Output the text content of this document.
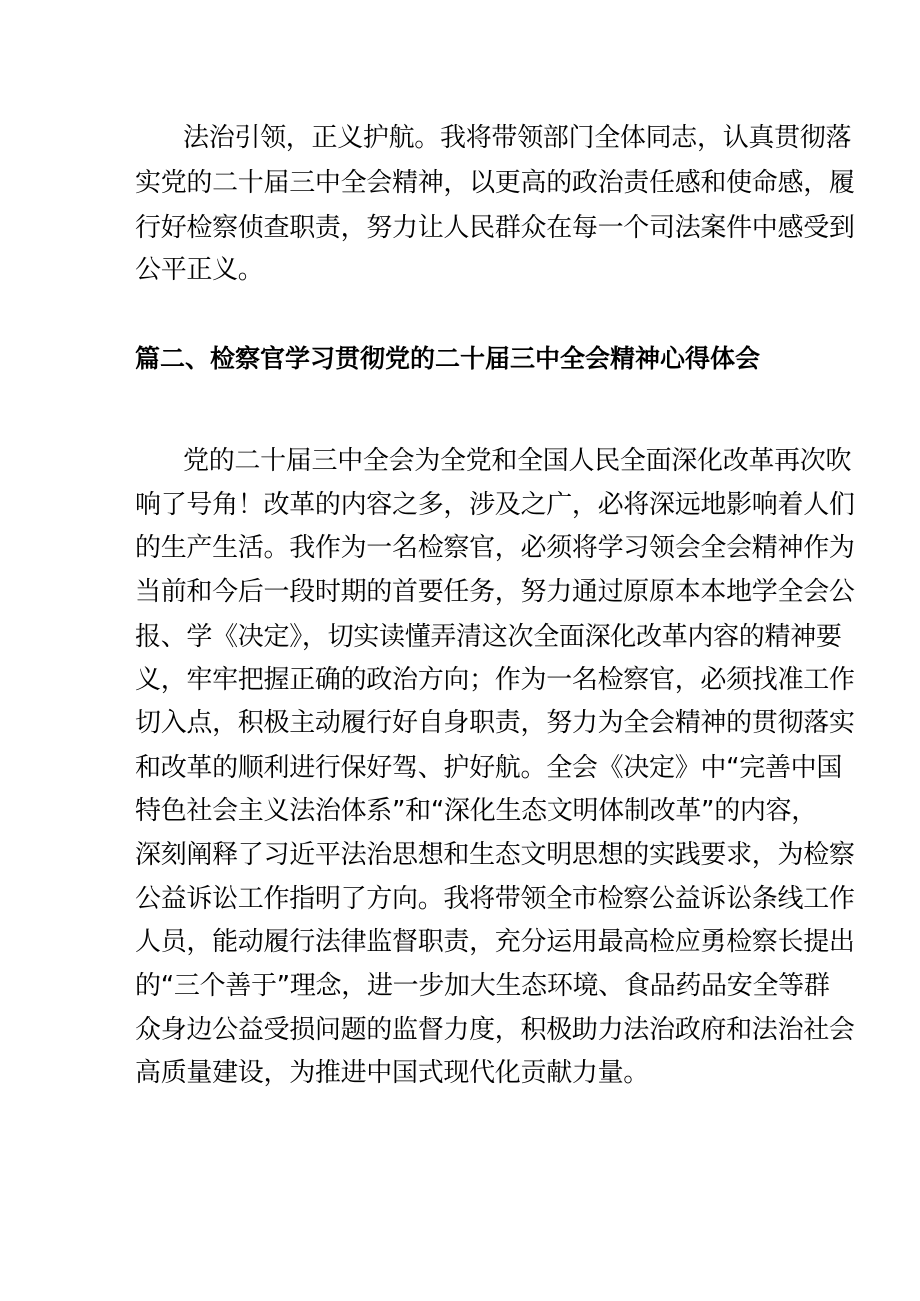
法治引领，正义护航。我将带领部门全体同志，认真贯彻落
实党的二十届三中全会精神，以更高的政治责任感和使命感，履
行好检察侦查职责，努力让人民群众在每一个司法案件中感受到
公平正义。
篇二、检察官学习贯彻党的二十届三中全会精神心得体会
党的二十届三中全会为全党和全国人民全面深化改革再次吹
响了号角！改革的内容之多，涉及之广，必将深远地影响着人们
的生产生活。我作为一名检察官，必须将学习领会全会精神作为
当前和今后一段时期的首要任务，努力通过原原本本地学全会公
报、学《决定》，切实读懂弄清这次全面深化改革内容的精神要
义，牢牢把握正确的政治方向；作为一名检察官，必须找准工作
切入点，积极主动履行好自身职责，努力为全会精神的贯彻落实
和改革的顺利进行保好驾、护好航。全会《决定》中“完善中国
特色社会主义法治体系”和“深化生态文明体制改革”的内容，
深刻阐释了习近平法治思想和生态文明思想的实践要求，为检察
公益诉讼工作指明了方向。我将带领全市检察公益诉讼条线工作
人员，能动履行法律监督职责，充分运用最高检应勇检察长提出
的“三个善于”理念，进一步加大生态环境、食品药品安全等群
众身边公益受损问题的监督力度，积极助力法治政府和法治社会
高质量建设，为推进中国式现代化贡献力量。
